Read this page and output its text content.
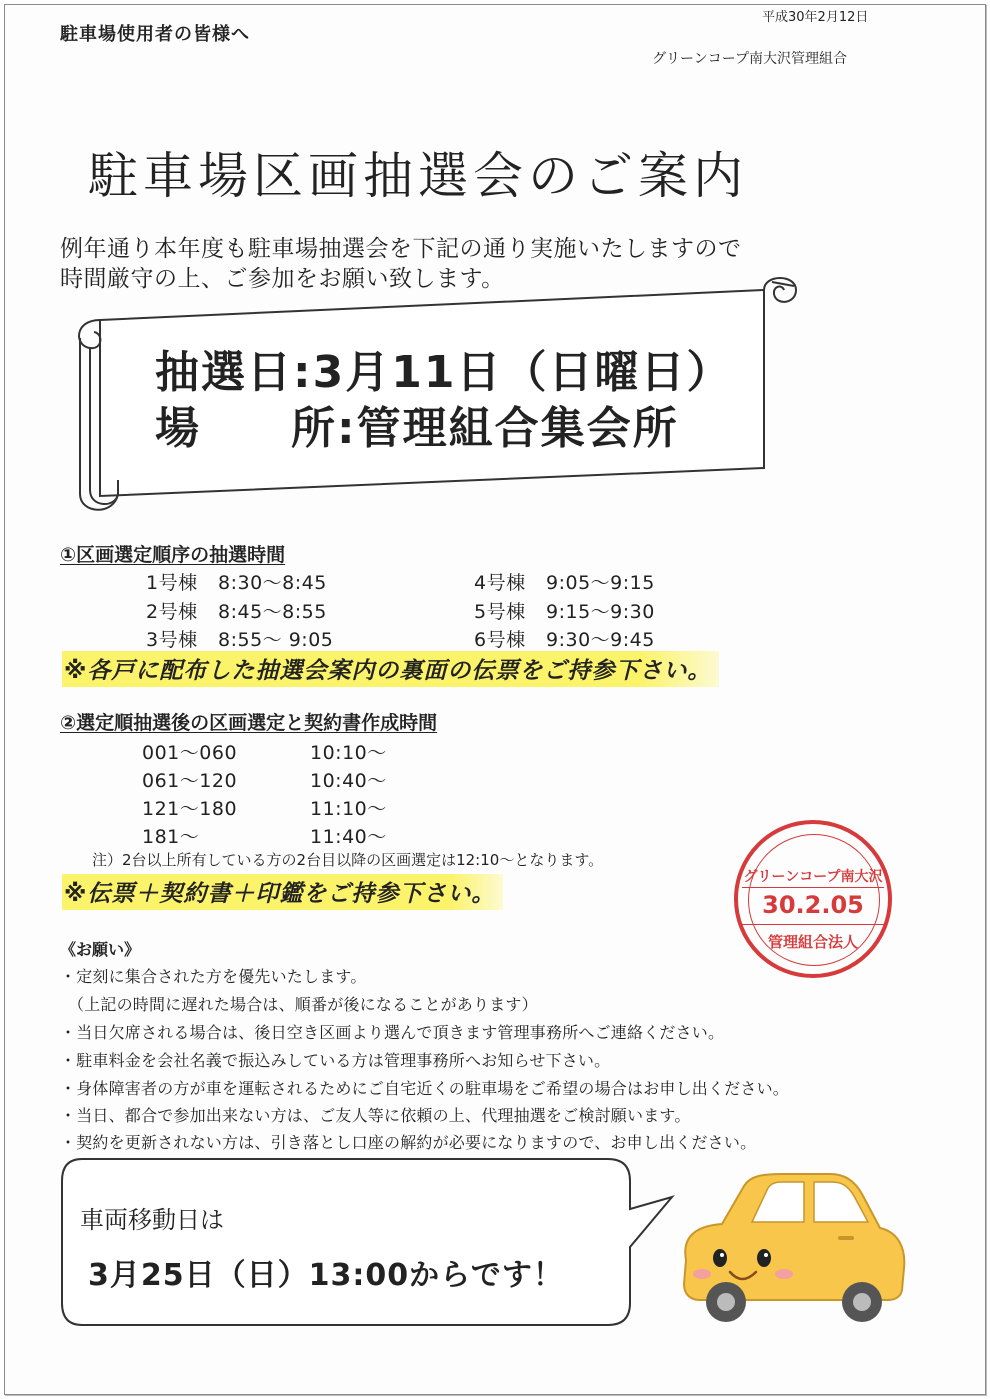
平成30年2月12日
駐車場使用者の皆様へ
グリーンコープ南大沢管理組合
駐車場区画抽選会のご案内
例年通り本年度も駐車場抽選会を下記の通り実施いたしますので
時間厳守の上、ご参加をお願い致します。
抽選日:3月11日（日曜日）
場 所:管理組合集会所
①区画選定順序の抽選時間
1号棟 8:30〜8:45
2号棟 8:45〜8:55
3号棟 8:55〜 9:05
4号棟 9:05〜9:15
5号棟 9:15〜9:30
6号棟 9:30〜9:45
※各戸に配布した抽選会案内の裏面の伝票をご持参下さい。
②選定順抽選後の区画選定と契約書作成時間
001〜060	10:10〜
061〜120	10:40〜
121〜180	11:10〜
181〜	11:40〜
注）2台以上所有している方の2台目以降の区画選定は12:10〜となります。
※伝票＋契約書＋印鑑をご持参下さい。
グリーンコープ南大沢
30.2.05
管理組合法人
《お願い》
・定刻に集合された方を優先いたします。
（上記の時間に遅れた場合は、順番が後になることがあります）
・当日欠席される場合は、後日空き区画より選んで頂きます管理事務所へご連絡ください。
・駐車料金を会社名義で振込みしている方は管理事務所へお知らせ下さい。
・身体障害者の方が車を運転されるためにご自宅近くの駐車場をご希望の場合はお申し出ください。
・当日、都合で参加出来ない方は、ご友人等に依頼の上、代理抽選をご検討願います。
・契約を更新されない方は、引き落とし口座の解約が必要になりますので、お申し出ください。
車両移動日は
3月25日（日）13:00からです！
